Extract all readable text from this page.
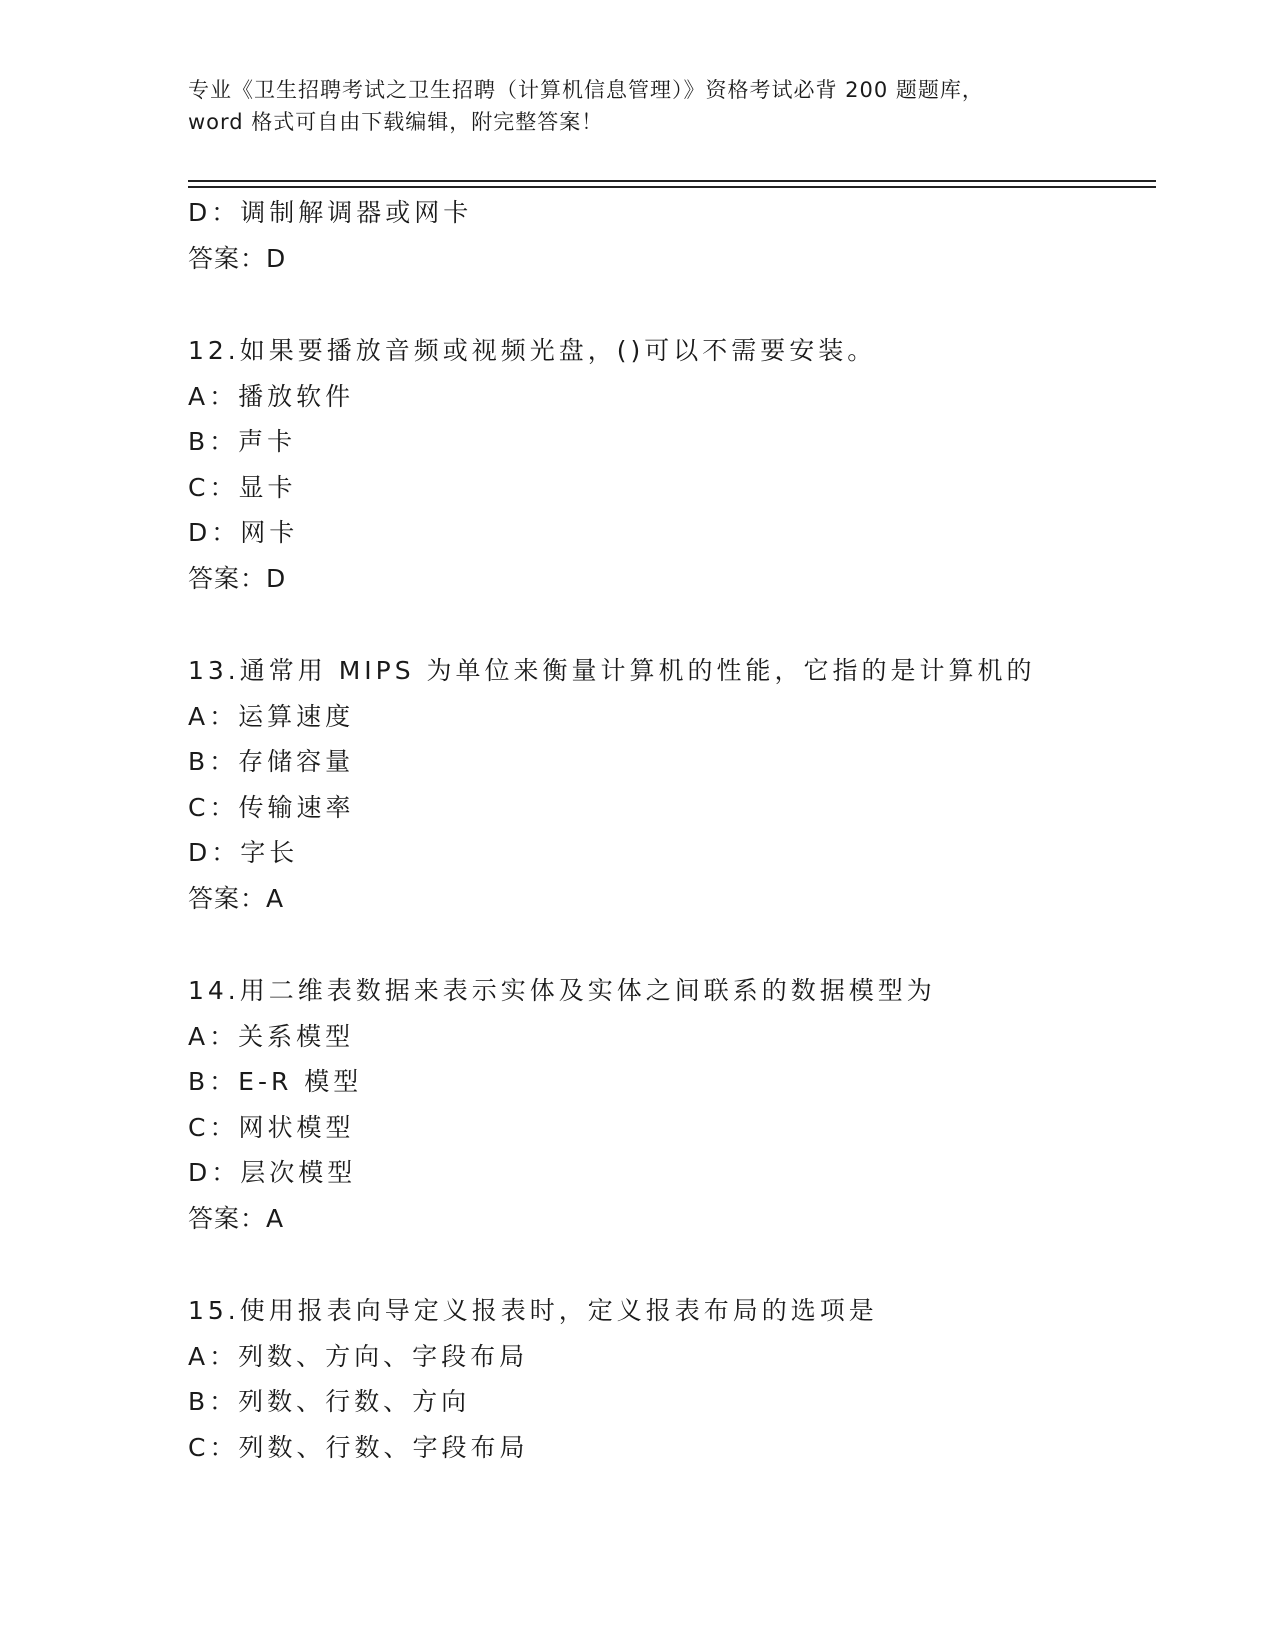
专业《卫生招聘考试之卫生招聘（计算机信息管理）》资格考试必背 200 题题库，
word 格式可自由下载编辑，附完整答案！
D：调制解调器或网卡
答案：D
12.如果要播放音频或视频光盘，()可以不需要安装。
A：播放软件
B：声卡
C：显卡
D：网卡
答案：D
13.通常用 MIPS 为单位来衡量计算机的性能，它指的是计算机的
A：运算速度
B：存储容量
C：传输速率
D：字长
答案：A
14.用二维表数据来表示实体及实体之间联系的数据模型为
A：关系模型
B：E-R 模型
C：网状模型
D：层次模型
答案：A
15.使用报表向导定义报表时，定义报表布局的选项是
A：列数、方向、字段布局
B：列数、行数、方向
C：列数、行数、字段布局
